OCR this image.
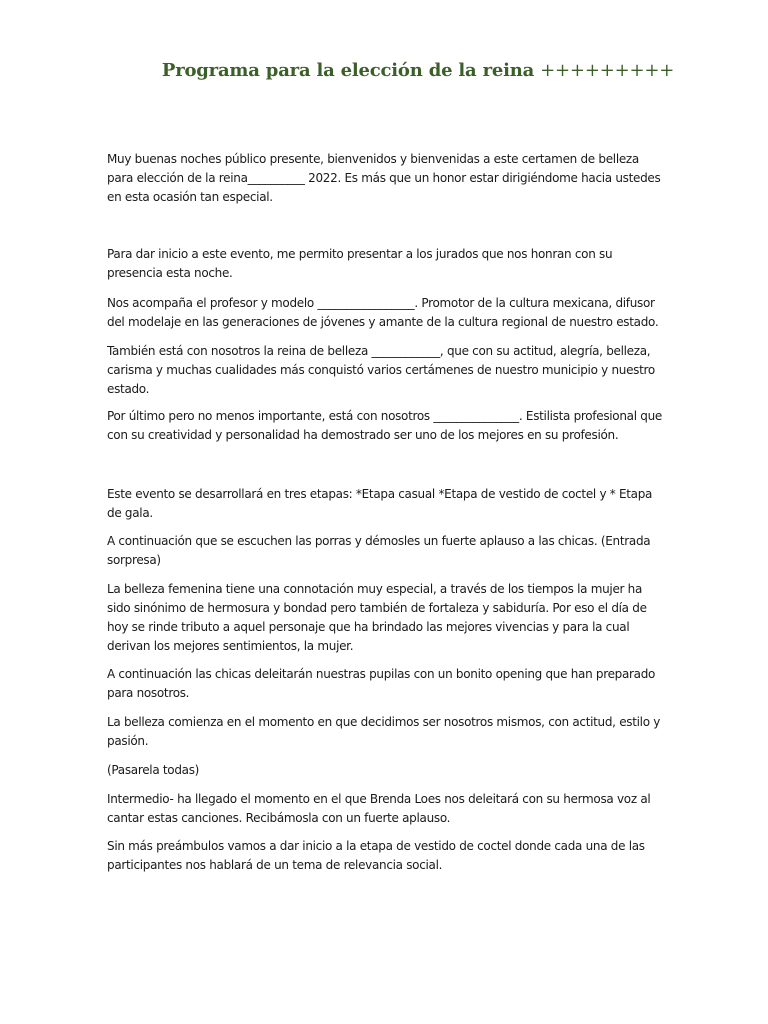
Programa para la elección de la reina +++++++++

Muy buenas noches público presente, bienvenidos y bienvenidas a este certamen de belleza para elección de la reina__________ 2022. Es más que un honor estar dirigiéndome hacia ustedes en esta ocasión tan especial.

Para dar inicio a este evento, me permito presentar a los jurados que nos honran con su presencia esta noche.

Nos acompaña el profesor y modelo _________________. Promotor de la cultura mexicana, difusor del modelaje en las generaciones de jóvenes y amante de la cultura regional de nuestro estado.

También está con nosotros la reina de belleza ____________, que con su actitud, alegría, belleza, carisma y muchas cualidades más conquistó varios certámenes de nuestro municipio y nuestro estado.

Por último pero no menos importante, está con nosotros _______________. Estilista profesional que con su creatividad y personalidad ha demostrado ser uno de los mejores en su profesión.

Este evento se desarrollará en tres etapas: *Etapa casual *Etapa de vestido de coctel y * Etapa de gala.

A continuación que se escuchen las porras y démosles un fuerte aplauso a las chicas. (Entrada sorpresa)

La belleza femenina tiene una connotación muy especial, a través de los tiempos la mujer ha sido sinónimo de hermosura y bondad pero también de fortaleza y sabiduría. Por eso el día de hoy se rinde tributo a aquel personaje que ha brindado las mejores vivencias y para la cual derivan los mejores sentimientos, la mujer.

A continuación las chicas deleitarán nuestras pupilas con un bonito opening que han preparado para nosotros.

La belleza comienza en el momento en que decidimos ser nosotros mismos, con actitud, estilo y pasión.

(Pasarela todas)

Intermedio- ha llegado el momento en el que Brenda Loes nos deleitará con su hermosa voz al cantar estas canciones. Recibámosla con un fuerte aplauso.

Sin más preámbulos vamos a dar inicio a la etapa de vestido de coctel donde cada una de las participantes nos hablará de un tema de relevancia social.
